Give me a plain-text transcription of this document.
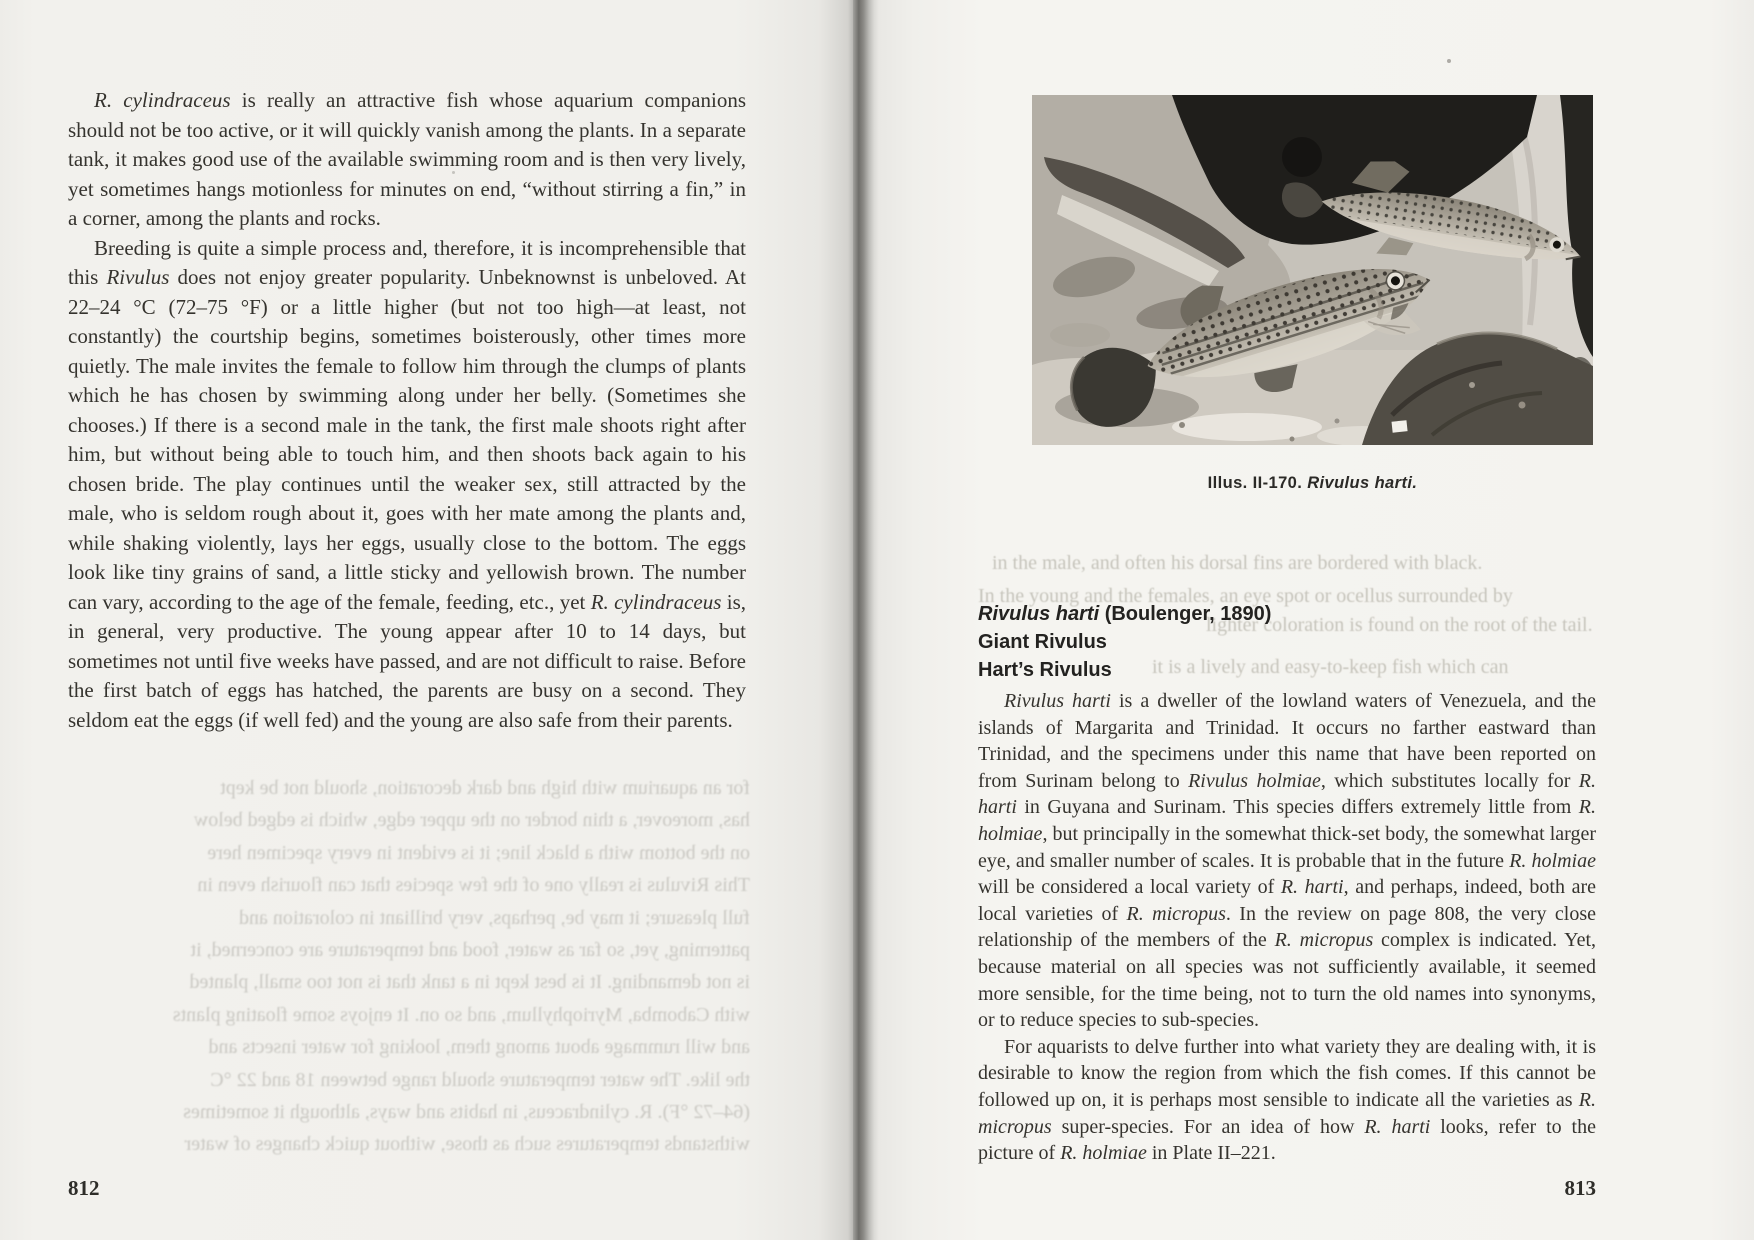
R. cylindraceus is really an attractive fish whose aquarium companions should not be too active, or it will quickly vanish among the plants. In a separate tank, it makes good use of the available swimming room and is then very lively, yet sometimes hangs motionless for minutes on end, “without stirring a fin,” in a corner, among the plants and rocks.

Breeding is quite a simple process and, therefore, it is incomprehensible that this Rivulus does not enjoy greater popularity. Unbeknownst is unbeloved. At 22–24 °C (72–75 °F) or a little higher (but not too high—at least, not constantly) the courtship begins, sometimes boisterously, other times more quietly. The male invites the female to follow him through the clumps of plants which he has chosen by swimming along under her belly. (Sometimes she chooses.) If there is a second male in the tank, the first male shoots right after him, but without being able to touch him, and then shoots back again to his chosen bride. The play continues until the weaker sex, still attracted by the male, who is seldom rough about it, goes with her mate among the plants and, while shaking violently, lays her eggs, usually close to the bottom. The eggs look like tiny grains of sand, a little sticky and yellowish brown. The number can vary, according to the age of the female, feeding, etc., yet R. cylindraceus is, in general, very productive. The young appear after 10 to 14 days, but sometimes not until five weeks have passed, and are not difficult to raise. Before the first batch of eggs has hatched, the parents are busy on a second. They seldom eat the eggs (if well fed) and the young are also safe from their parents.

for an aquarium with high and dark decoration, should not be kept
has, moreover, a thin border on the upper edge, which is edged below
on the bottom with a black line; it is evident in every specimen here
This Rivulus is really one of the few species that can flourish even in
full pleasure; it may be, perhaps, very brilliant in coloration and
patterning, yet, so far as water, food and temperature are concerned, it
is not demanding. It is best kept in a tank that is not too small, planted
with Cabomba, Myriophyllum, and so on. It enjoys some floating plants
and will rummage about among them, looking for water insects and
the like. The water temperature should range between 18 and 22 °C
(64–72 °F). R. cylindraceus, in habits and ways, although it sometimes
withstands temperatures such as those, without quick changes of water
812
Illus. II-170. Rivulus harti.
in the male, and often his dorsal fins are bordered with black.
In the young and the females, an eye spot or ocellus surrounded by
lighter coloration is found on the root of the tail.
it is a lively and easy-to-keep fish which can
Rivulus harti (Boulenger, 1890)
Giant Rivulus
Hart’s Rivulus

Rivulus harti is a dweller of the lowland waters of Venezuela, and the islands of Margarita and Trinidad. It occurs no farther eastward than Trinidad, and the specimens under this name that have been reported on from Surinam belong to Rivulus holmiae, which substitutes locally for R. harti in Guyana and Surinam. This species differs extremely little from R. holmiae, but principally in the somewhat thick-set body, the somewhat larger eye, and smaller number of scales. It is probable that in the future R. holmiae will be considered a local variety of R. harti, and perhaps, indeed, both are local varieties of R. micropus. In the review on page 808, the very close relationship of the members of the R. micropus complex is indicated. Yet, because material on all species was not sufficiently available, it seemed more sensible, for the time being, not to turn the old names into synonyms, or to reduce species to sub-species.

For aquarists to delve further into what variety they are dealing with, it is desirable to know the region from which the fish comes. If this cannot be followed up on, it is perhaps most sensible to indicate all the varieties as R. micropus super-species. For an idea of how R. harti looks, refer to the picture of R. holmiae in Plate II–221.

813
